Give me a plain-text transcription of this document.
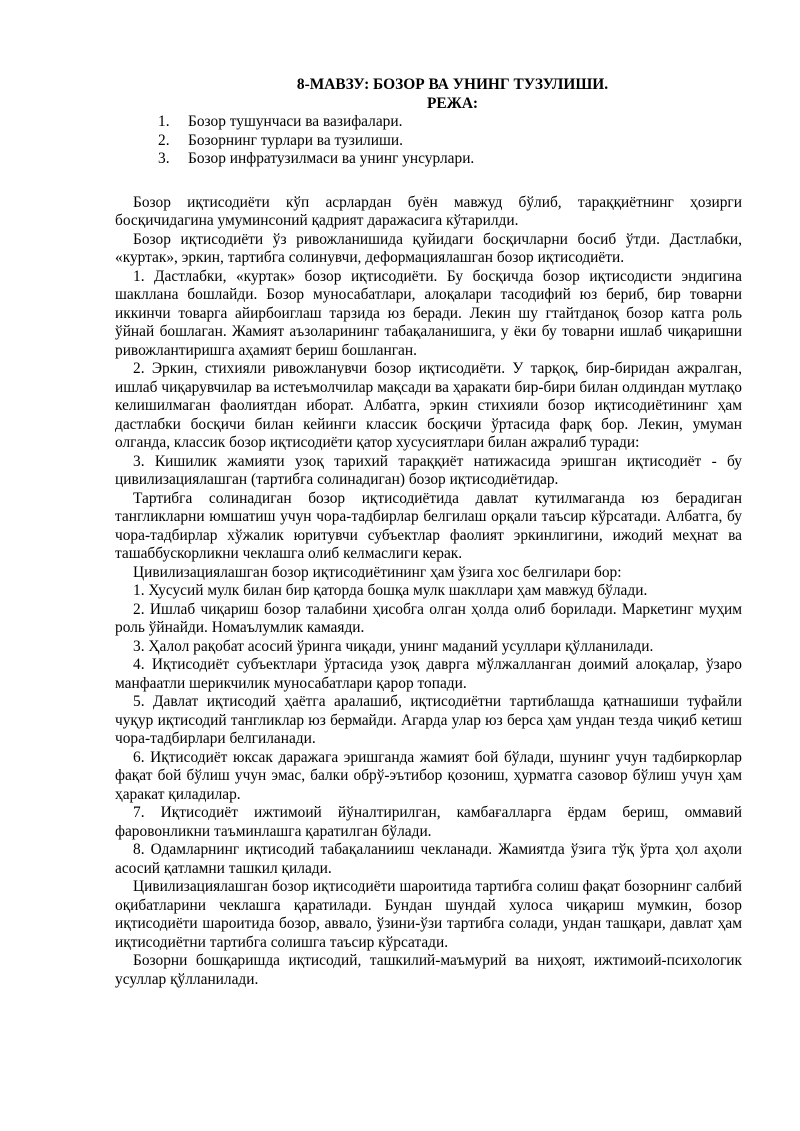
8-МАВЗУ: БОЗОР ВА УНИНГ ТУЗУЛИШИ.
РЕЖА:
1.	Бозор тушунчаси ва вазифалари.
2.	Бозорнинг турлари ва тузилиши.
3.	Бозор инфратузилмаси ва унинг унсурлари.

Бозор иқтисодиёти кўп асрлардан буён мавжуд бўлиб, тараққиётнинг ҳозирги босқичидагина умуминсоний қадрият даражасига кўтарилди.

Бозор иқтисодиёти ўз ривожланишида қуйидаги босқичларни босиб ўтди. Дастлабки, «куртак», эркин, тартибга солинувчи, деформациялашган бозор иқтисодиёти.

1. Дастлабки, «куртак» бозор иқтисодиёти. Бу босқичда бозор иқтисодисти эндигина шакллана бошлайди. Бозор муносабатлари, алоқалари тасодифий юз бериб, бир товарни иккинчи товарга айирбоиглаш тарзида юз беради. Лекин шу гтайтданоқ бозор катга роль ўйнай бошлаган. Жамият аъзоларининг табақаланишига, у ёки бу товарни ишлаб чиқаришни ривожлантиришга аҳамият бериш бошланган.

2. Эркин, стихияли ривожланувчи бозор иқтисодиёти. У тарқоқ, бир-биридан ажралган, ишлаб чиқарувчилар ва истеъмолчилар мақсади ва ҳаракати бир-бири билан олдиндан мутлақо келишилмаган фаолиятдан иборат. Албатга, эркин стихияли бозор иқтисодиётининг ҳам дастлабки босқичи билан кейинги классик босқичи ўртасида фарқ бор. Лекин, умуман олганда, классик бозор иқтисодиёти қатор хусусиятлари билан ажралиб туради:

3. Кишилик жамияти узоқ тарихий тараққиёт натижасида эришган иқтисодиёт - бу цивилизациялашган (тартибга солинадиган) бозор иқтисодиётидар.

Тартибга солинадиган бозор иқтисодиётида давлат кутилмаганда юз берадиган тангликларни юмшатиш учун чора-тадбирлар белгилаш орқали таъсир кўрсатади. Албатга, бу чора-тадбирлар хўжалик юритувчи субъектлар фаолият эркинлигини, ижодий меҳнат ва ташаббускорликни чеклашга олиб келмаслиги керак.

Цивилизациялашган бозор иқтисодиётининг ҳам ўзига хос белгилари бор:

1. Хусусий мулк билан бир қаторда бошқа мулк шакллари ҳам мавжуд бўлади.

2. Ишлаб чиқариш бозор талабини ҳисобга олган ҳолда олиб борилади. Маркетинг муҳим роль ўйнайди. Номаълумлик камаяди.

3. Ҳалол рақобат асосий ўринга чиқади, унинг маданий усуллари қўлланилади.

4. Иқтисодиёт субъектлари ўртасида узоқ даврга мўлжалланган доимий алоқалар, ўзаро манфаатли шерикчилик муносабатлари қарор топади.

5. Давлат иқтисодий ҳаётга аралашиб, иқтисодиётни тартиблашда қатнашиши туфайли чуқур иқтисодий тангликлар юз бермайди. Агарда улар юз берса ҳам ундан тезда чиқиб кетиш чора-тадбирлари белгиланади.

6. Иқтисодиёт юксак даражага эришганда жамият бой бўлади, шунинг учун тадбиркорлар фақат бой бўлиш учун эмас, балки обрў-эътибор қозониш, ҳурматга сазовор бўлиш учун ҳам ҳаракат қиладилар.

7. Иқтисодиёт ижтимоий йўналтирилган, камбағалларга ёрдам бериш, оммавий фаровонликни таъминлашга қаратилган бўлади.

8. Одамларнинг иқтисодий табақаланииш чекланади. Жамиятда ўзига тўқ ўрта ҳол аҳоли асосий қатламни ташкил қилади.

Цивилизациялашган бозор иқтисодиёти шароитида тартибга солиш фақат бозорнинг салбий оқибатларини чеклашга қаратилади. Бундан шундай хулоса чиқариш мумкин, бозор иқтисодиёти шароитида бозор, аввало, ўзини-ўзи тартибга солади, ундан ташқари, давлат ҳам иқтисодиётни тартибга солишга таъсир кўрсатади.

Бозорни бошқаришда иқтисодий, ташкилий-маъмурий ва ниҳоят, ижтимоий-психологик усуллар қўлланилади.
